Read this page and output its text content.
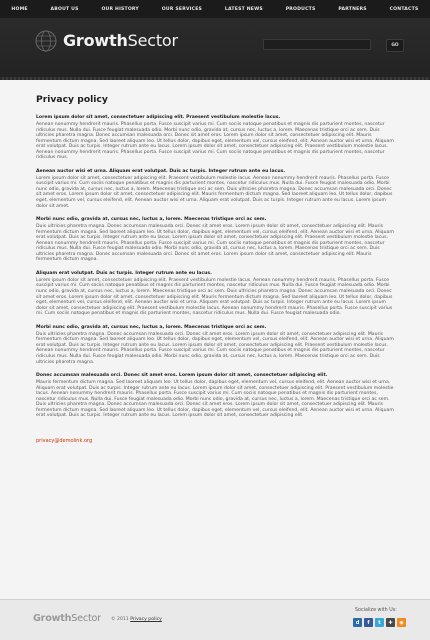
HOME	ABOUT US	OUR HISTORY	OUR SERVICES	LATEST NEWS	PRODUCTS	PARTNERS	CONTACTS
GrowthSector	GO
Privacy policy
Lorem ipsum dolor sit amet, consectetuer adipiscing elit. Praesent vestibulum molestie lacus.
Aenean nonummy hendrerit mauris. Phasellus porta. Fusce suscipit varius mi. Cum sociis natoque penatibus et magnis dis parturient montes, nascetur ridiculus mus. Nulla dui. Fusce feugiat malesuada odio. Morbi nunc odio, gravida at, cursus nec, luctus a, lorem. Maecenas tristique orci ac sem. Duis ultricies pharetra magna. Donec accumsan malesuada orci. Donec sit amet eros. Lorem ipsum dolor sit amet, consectetuer adipiscing elit. Mauris fermentum dictum magna. Sed laoreet aliquam leo. Ut tellus dolor, dapibus eget, elementum vel, cursus eleifend, elit. Aenean auctor wisi et urna. Aliquam erat volutpat. Duis ac turpis. Integer rutrum ante eu lacus. Lorem ipsum dolor sit amet, consectetuer adipiscing elit. Praesent vestibulum molestie lacus. Aenean nonummy hendrerit mauris. Phasellus porta. Fusce suscipit varius mi. Cum sociis natoque penatibus et magnis dis parturient montes, nascetur ridiculus mus.
Aenean auctor wisi et urna. Aliquam erat volutpat. Duis ac turpis. Integer rutrum ante eu lacus.
Lorem ipsum dolor sit amet, consectetuer adipiscing elit. Praesent vestibulum molestie lacus. Aenean nonummy hendrerit mauris. Phasellus porta. Fusce suscipit varius mi. Cum sociis natoque penatibus et magnis dis parturient montes, nascetur ridiculus mus. Nulla dui. Fusce feugiat malesuada odio. Morbi nunc odio, gravida at, cursus nec, luctus a, lorem. Maecenas tristique orci ac sem. Duis ultricies pharetra magna. Donec accumsan malesuada orci. Donec sit amet eros. Lorem ipsum dolor sit amet, consectetuer adipiscing elit. Mauris fermentum dictum magna. Sed laoreet aliquam leo. Ut tellus dolor, dapibus eget, elementum vel, cursus eleifend, elit. Aenean auctor wisi et urna. Aliquam erat volutpat. Duis ac turpis. Integer rutrum ante eu lacus. Lorem ipsum dolor sit amet.
Morbi nunc odio, gravida at, cursus nec, luctus a, lorem. Maecenas tristique orci ac sem.
Duis ultricies pharetra magna. Donec accumsan malesuada orci. Donec sit amet eros. Lorem ipsum dolor sit amet, consectetuer adipiscing elit. Mauris fermentum dictum magna. Sed laoreet aliquam leo. Ut tellus dolor, dapibus eget, elementum vel, cursus eleifend, elit. Aenean auctor wisi et urna. Aliquam erat volutpat. Duis ac turpis. Integer rutrum ante eu lacus. Lorem ipsum dolor sit amet, consectetuer adipiscing elit. Praesent vestibulum molestie lacus. Aenean nonummy hendrerit mauris. Phasellus porta. Fusce suscipit varius mi. Cum sociis natoque penatibus et magnis dis parturient montes, nascetur ridiculus mus. Nulla dui. Fusce feugiat malesuada odio. Morbi nunc odio, gravida at, cursus nec, luctus a, lorem. Maecenas tristique orci ac sem. Duis ultricies pharetra magna. Donec accumsan malesuada orci. Donec sit amet eros. Lorem ipsum dolor sit amet, consectetuer adipiscing elit. Mauris fermentum dictum magna.
Aliquam erat volutpat. Duis ac turpis. Integer rutrum ante eu lacus.
Lorem ipsum dolor sit amet, consectetuer adipiscing elit. Praesent vestibulum molestie lacus. Aenean nonummy hendrerit mauris. Phasellus porta. Fusce suscipit varius mi. Cum sociis natoque penatibus et magnis dis parturient montes, nascetur ridiculus mus. Nulla dui. Fusce feugiat malesuada odio. Morbi nunc odio, gravida at, cursus nec, luctus a, lorem. Maecenas tristique orci ac sem. Duis ultricies pharetra magna. Donec accumsan malesuada orci. Donec sit amet eros. Lorem ipsum dolor sit amet, consectetuer adipiscing elit. Mauris fermentum dictum magna. Sed laoreet aliquam leo. Ut tellus dolor, dapibus eget, elementum vel, cursus eleifend, elit. Aenean auctor wisi et urna. Aliquam erat volutpat. Duis ac turpis. Integer rutrum ante eu lacus. Lorem ipsum dolor sit amet, consectetuer adipiscing elit. Praesent vestibulum molestie lacus. Aenean nonummy hendrerit mauris. Phasellus porta. Fusce suscipit varius mi. Cum sociis natoque penatibus et magnis dis parturient montes, nascetur ridiculus mus. Nulla dui. Fusce feugiat malesuada odio.
Morbi nunc odio, gravida at, cursus nec, luctus a, lorem. Maecenas tristique orci ac sem.
Duis ultricies pharetra magna. Donec accumsan malesuada orci. Donec sit amet eros. Lorem ipsum dolor sit amet, consectetuer adipiscing elit. Mauris fermentum dictum magna. Sed laoreet aliquam leo. Ut tellus dolor, dapibus eget, elementum vel, cursus eleifend, elit. Aenean auctor wisi et urna. Aliquam erat volutpat. Duis ac turpis. Integer rutrum ante eu lacus. Lorem ipsum dolor sit amet, consectetuer adipiscing elit. Praesent vestibulum molestie lacus. Aenean nonummy hendrerit mauris. Phasellus porta. Fusce suscipit varius mi. Cum sociis natoque penatibus et magnis dis parturient montes, nascetur ridiculus mus. Nulla dui. Fusce feugiat malesuada odio. Morbi nunc odio, gravida at, cursus nec, luctus a, lorem. Maecenas tristique orci ac sem. Duis ultricies pharetra magna.
Donec accumsan malesuada orci. Donec sit amet eros. Lorem ipsum dolor sit amet, consectetuer adipiscing elit.
Mauris fermentum dictum magna. Sed laoreet aliquam leo. Ut tellus dolor, dapibus eget, elementum vel, cursus eleifend, elit. Aenean auctor wisi et urna. Aliquam erat volutpat. Duis ac turpis. Integer rutrum ante eu lacus. Lorem ipsum dolor sit amet, consectetuer adipiscing elit. Praesent vestibulum molestie lacus. Aenean nonummy hendrerit mauris. Phasellus porta. Fusce suscipit varius mi. Cum sociis natoque penatibus et magnis dis parturient montes, nascetur ridiculus mus. Nulla dui. Fusce feugiat malesuada odio. Morbi nunc odio, gravida at, cursus nec, luctus a, lorem. Maecenas tristique orci ac sem. Duis ultricies pharetra magna. Donec accumsan malesuada orci. Donec sit amet eros. Lorem ipsum dolor sit amet, consectetuer adipiscing elit. Mauris fermentum dictum magna. Sed laoreet aliquam leo. Ut tellus dolor, dapibus eget, elementum vel, cursus eleifend, elit. Aenean auctor wisi et urna. Aliquam erat volutpat. Duis ac turpis. Integer rutrum ante eu lacus. Lorem ipsum dolor sit amet, consectetuer adipiscing elit.
privacy@demolink.org
GrowthSector © 2011 Privacy policy
Socialize with Us:
d	f	t	✚	◉
